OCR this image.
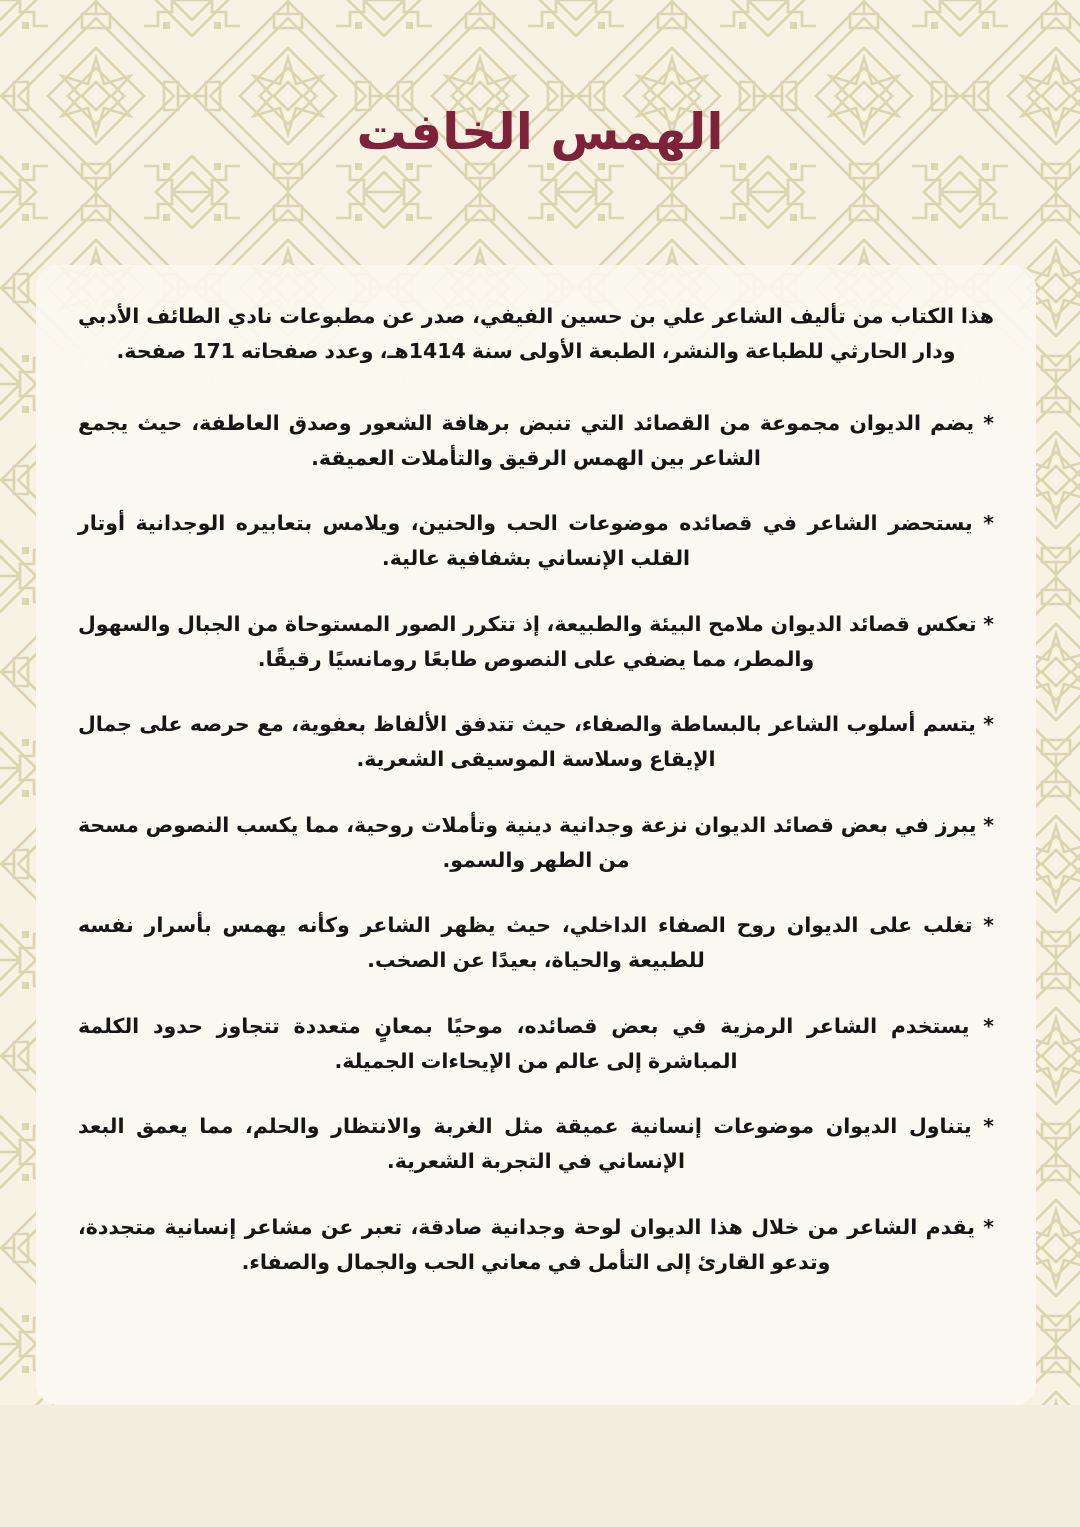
الهمس الخافت

هذا الكتاب من تأليف الشاعر علي بن حسين الفيفي، صدر عن مطبوعات نادي الطائف الأدبي ودار الحارثي للطباعة والنشر، الطبعة الأولى سنة 1414هـ، وعدد صفحاته 171 صفحة.

* يضم الديوان مجموعة من القصائد التي تنبض برهافة الشعور وصدق العاطفة، حيث يجمع الشاعر بين الهمس الرقيق والتأملات العميقة.

* يستحضر الشاعر في قصائده موضوعات الحب والحنين، ويلامس بتعابيره الوجدانية أوتار القلب الإنساني بشفافية عالية.

* تعكس قصائد الديوان ملامح البيئة والطبيعة، إذ تتكرر الصور المستوحاة من الجبال والسهول والمطر، مما يضفي على النصوص طابعًا رومانسيًا رقيقًا.

* يتسم أسلوب الشاعر بالبساطة والصفاء، حيث تتدفق الألفاظ بعفوية، مع حرصه على جمال الإيقاع وسلاسة الموسيقى الشعرية.

* يبرز في بعض قصائد الديوان نزعة وجدانية دينية وتأملات روحية، مما يكسب النصوص مسحة من الطهر والسمو.

* تغلب على الديوان روح الصفاء الداخلي، حيث يظهر الشاعر وكأنه يهمس بأسرار نفسه للطبيعة والحياة، بعيدًا عن الصخب.

* يستخدم الشاعر الرمزية في بعض قصائده، موحيًا بمعانٍ متعددة تتجاوز حدود الكلمة المباشرة إلى عالم من الإيحاءات الجميلة.

* يتناول الديوان موضوعات إنسانية عميقة مثل الغربة والانتظار والحلم، مما يعمق البعد الإنساني في التجربة الشعرية.

* يقدم الشاعر من خلال هذا الديوان لوحة وجدانية صادقة، تعبر عن مشاعر إنسانية متجددة، وتدعو القارئ إلى التأمل في معاني الحب والجمال والصفاء.
